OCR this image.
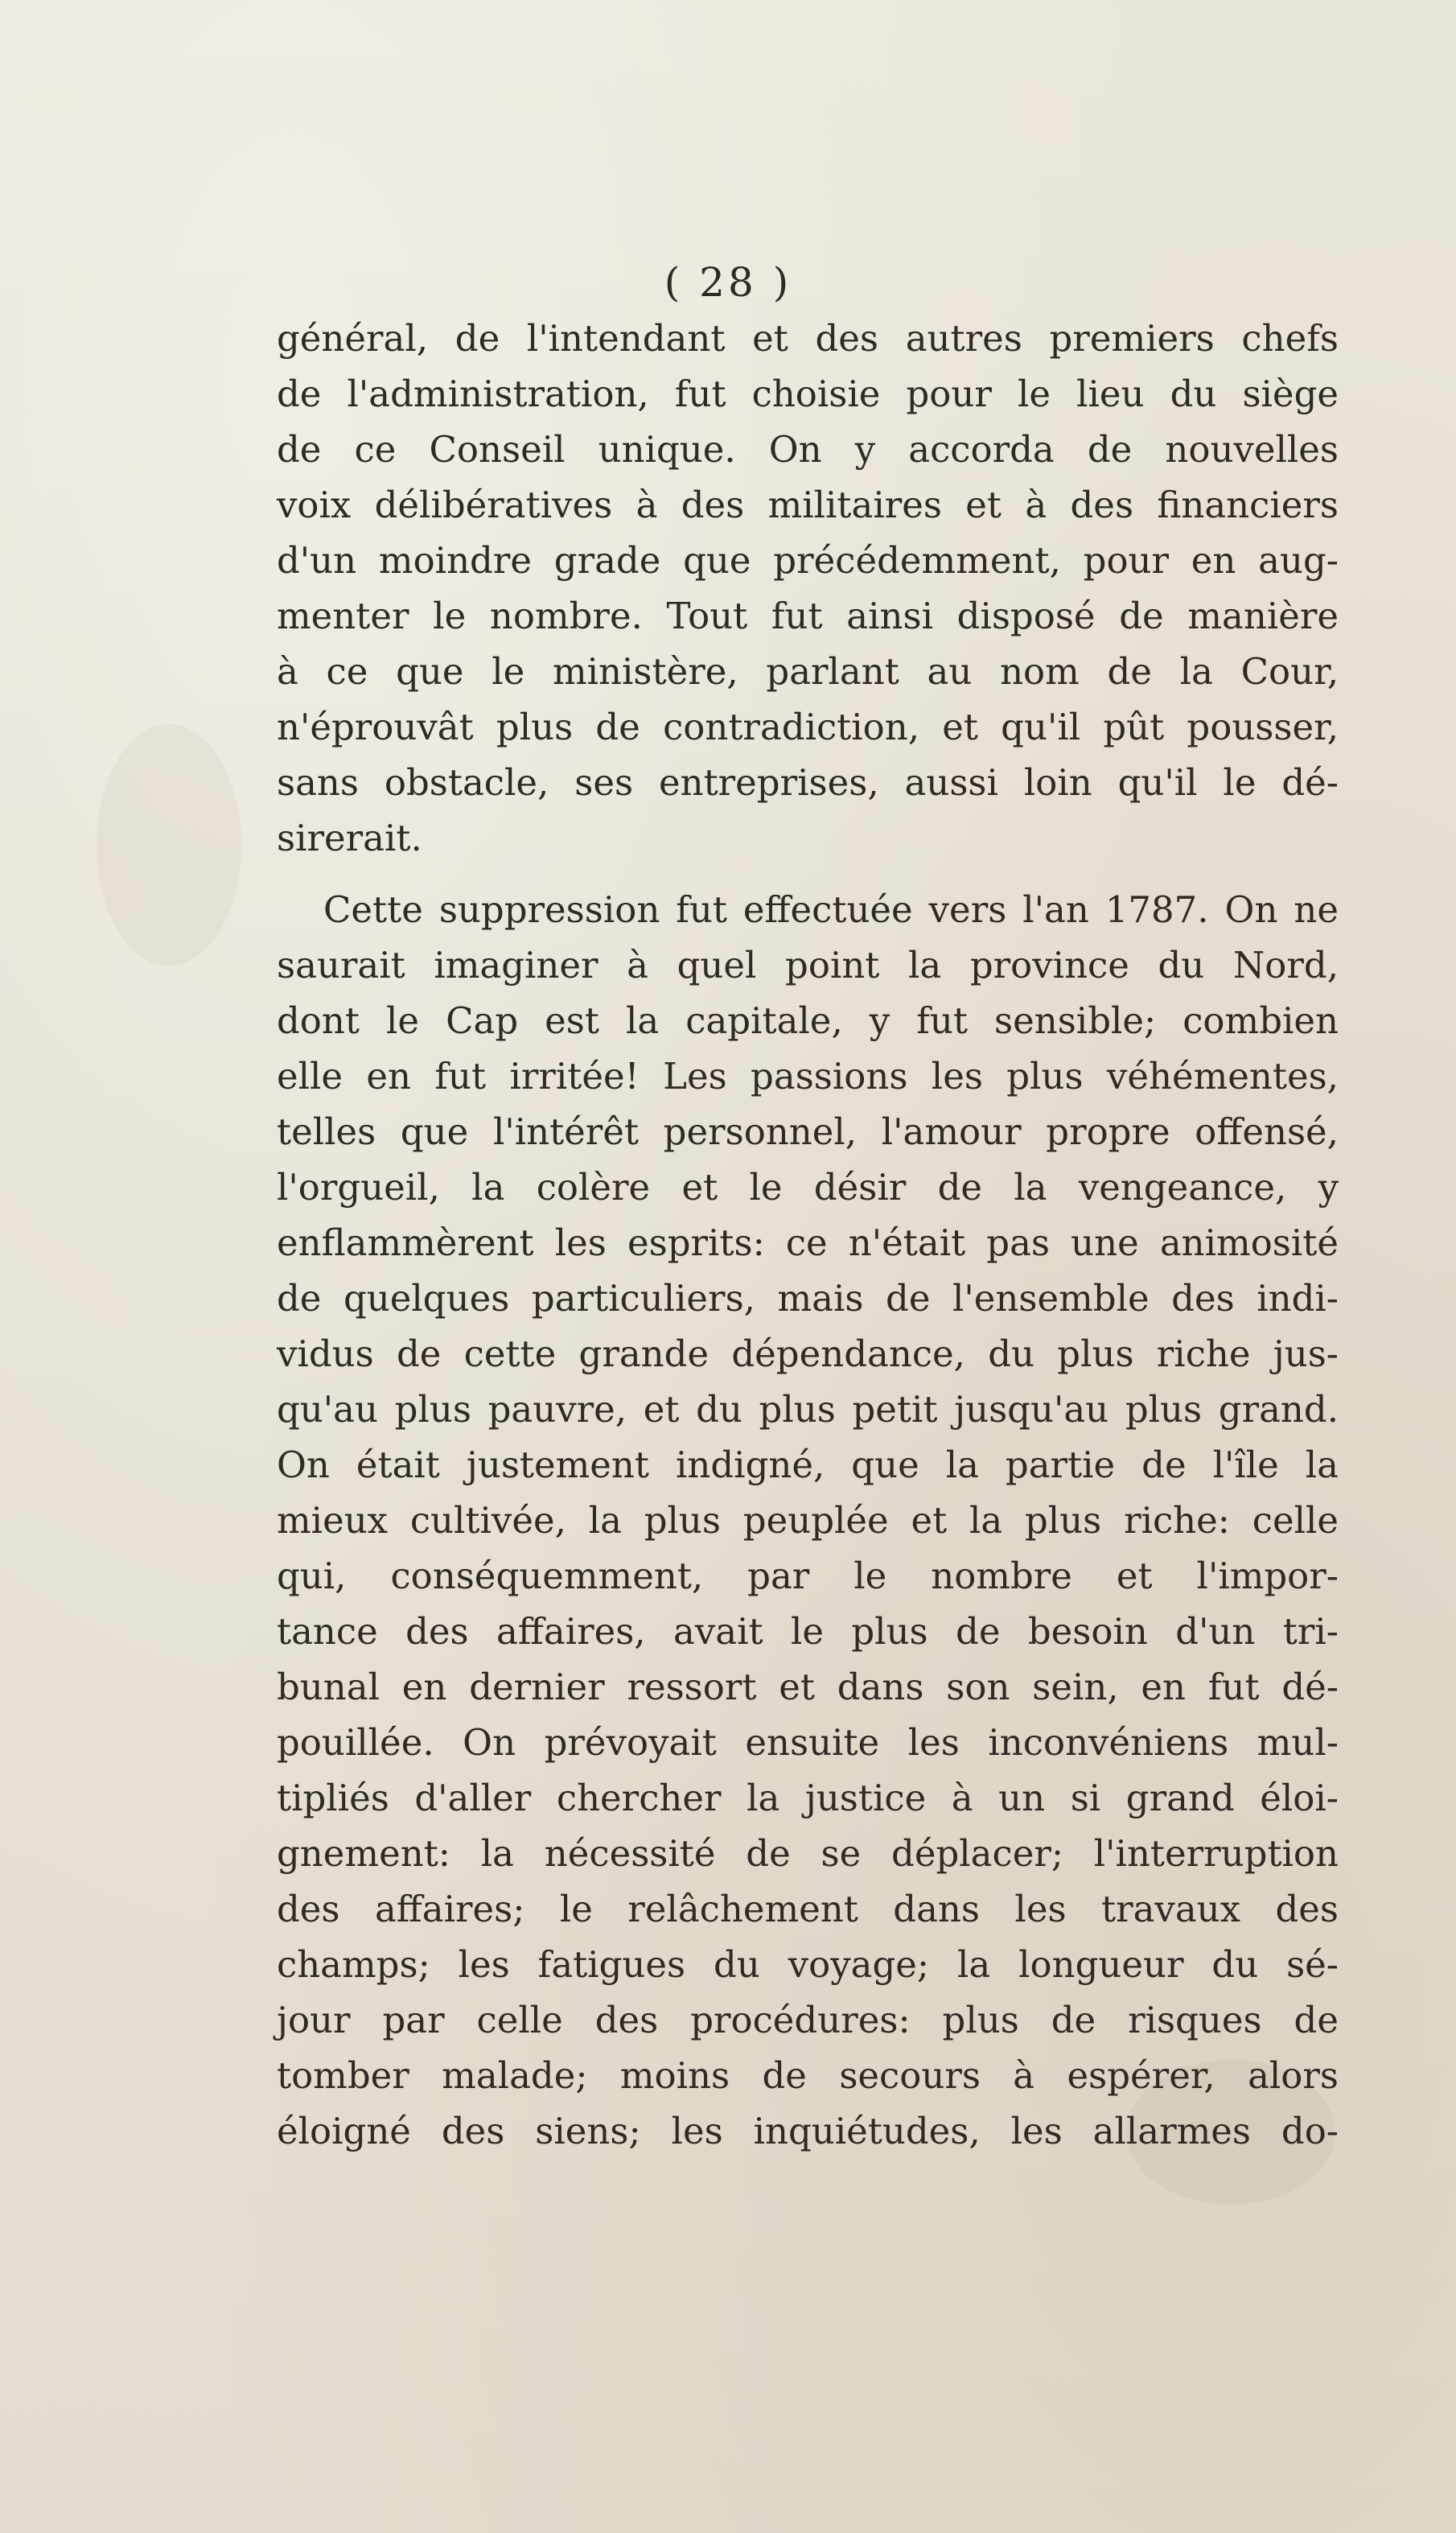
( 28 )
général, de l'intendant et des autres premiers chefs
de l'administration, fut choisie pour le lieu du siège
de ce Conseil unique. On y accorda de nouvelles
voix délibératives à des militaires et à des financiers
d'un moindre grade que précédemment, pour en aug-
menter le nombre. Tout fut ainsi disposé de manière
à ce que le ministère, parlant au nom de la Cour,
n'éprouvât plus de contradiction, et qu'il pût pousser,
sans obstacle, ses entreprises, aussi loin qu'il le dé-
sirerait.
Cette suppression fut effectuée vers l'an 1787. On ne
saurait imaginer à quel point la province du Nord,
dont le Cap est la capitale, y fut sensible; combien
elle en fut irritée! Les passions les plus véhémentes,
telles que l'intérêt personnel, l'amour propre offensé,
l'orgueil, la colère et le désir de la vengeance, y
enflammèrent les esprits: ce n'était pas une animosité
de quelques particuliers, mais de l'ensemble des indi-
vidus de cette grande dépendance, du plus riche jus-
qu'au plus pauvre, et du plus petit jusqu'au plus grand.
On était justement indigné, que la partie de l'île la
mieux cultivée, la plus peuplée et la plus riche: celle
qui, conséquemment, par le nombre et l'impor-
tance des affaires, avait le plus de besoin d'un tri-
bunal en dernier ressort et dans son sein, en fut dé-
pouillée. On prévoyait ensuite les inconvéniens mul-
tipliés d'aller chercher la justice à un si grand éloi-
gnement: la nécessité de se déplacer; l'interruption
des affaires; le relâchement dans les travaux des
champs; les fatigues du voyage; la longueur du sé-
jour par celle des procédures: plus de risques de
tomber malade; moins de secours à espérer, alors
éloigné des siens; les inquiétudes, les allarmes do-
